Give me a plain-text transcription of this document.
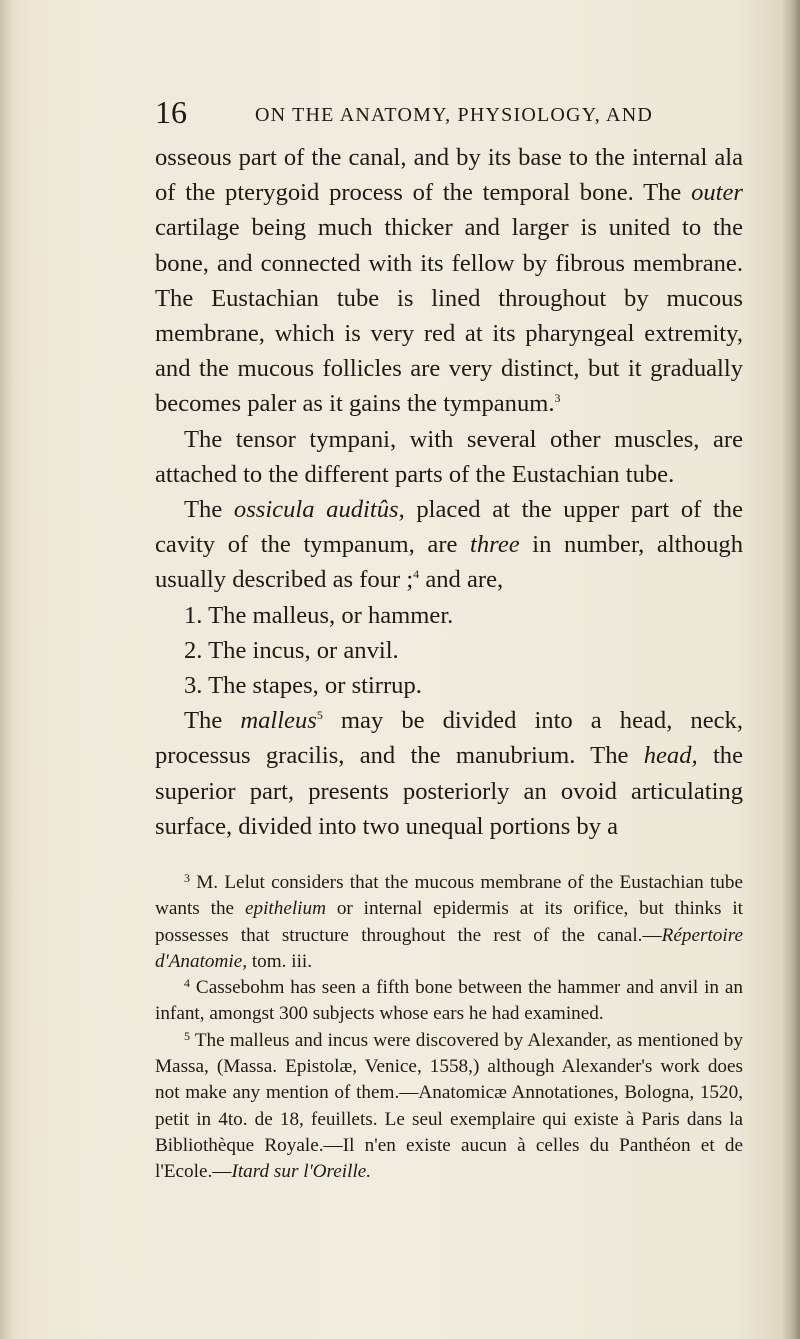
16	ON THE ANATOMY, PHYSIOLOGY, AND

osseous part of the canal, and by its base to the internal ala of the pterygoid process of the temporal bone. The outer cartilage being much thicker and larger is united to the bone, and connected with its fellow by fibrous membrane. The Eustachian tube is lined throughout by mucous membrane, which is very red at its pharyngeal extremity, and the mucous follicles are very distinct, but it gradually becomes paler as it gains the tympanum.$^3$

The tensor tympani, with several other muscles, are attached to the different parts of the Eustachian tube.

The ossicula auditûs, placed at the upper part of the cavity of the tympanum, are three in number, although usually described as four ;$^4$ and are,

1. The malleus, or hammer.
2. The incus, or anvil.
3. The stapes, or stirrup.

The malleus$^5$ may be divided into a head, neck, processus gracilis, and the manubrium. The head, the superior part, presents posteriorly an ovoid articulating surface, divided into two unequal portions by a

$^3$ M. Lelut considers that the mucous membrane of the Eustachian tube wants the epithelium or internal epidermis at its orifice, but thinks it possesses that structure throughout the rest of the canal.—Répertoire d'Anatomie, tom. iii.

$^4$ Cassebohm has seen a fifth bone between the hammer and anvil in an infant, amongst 300 subjects whose ears he had examined.

$^5$ The malleus and incus were discovered by Alexander, as mentioned by Massa, (Massa. Epistolæ, Venice, 1558,) although Alexander's work does not make any mention of them.—Anatomicæ Annotationes, Bologna, 1520, petit in 4to. de 18, feuillets. Le seul exemplaire qui existe à Paris dans la Bibliothèque Royale.—Il n'en existe aucun à celles du Panthéon et de l'Ecole.—Itard sur l'Oreille.
